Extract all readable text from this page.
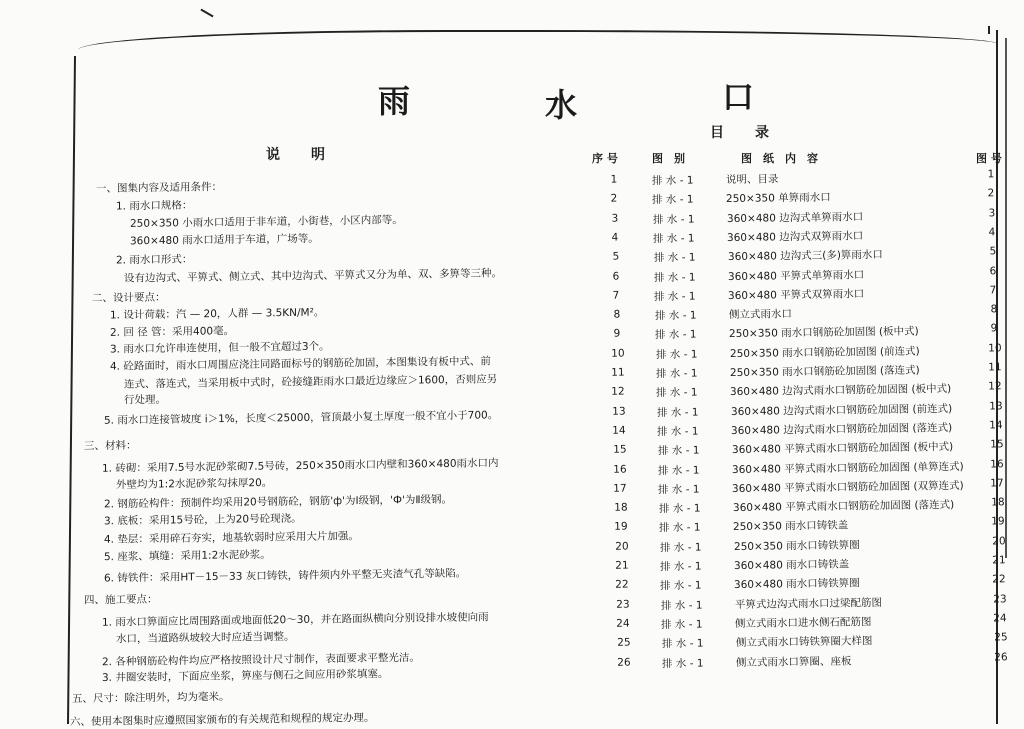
雨	水	口
说　　明
目　　录
一、图集内容及适用条件：
1. 雨水口规格：
250×350 小雨水口适用于非车道，小街巷，小区内部等。
360×480 雨水口适用于车道，广场等。
2. 雨水口形式：
设有边沟式、平箅式、侧立式、其中边沟式、平箅式又分为单、双、多箅等三种。
二、设计要点：
1. 设计荷载：汽 — 20，人群 — 3.5KN/M²。
2. 回 径 管：采用400毫。
3. 雨水口允许串连使用，但一般不宜超过3个。
4. 砼路面时，雨水口周围应浇注同路面标号的钢筋砼加固，本图集设有板中式、前
连式、落连式，当采用板中式时，砼接缝距雨水口最近边缘应＞1600，否则应另
行处理。
5. 雨水口连接管坡度 i＞1%，长度＜25000，管顶最小复土厚度一般不宜小于700。
三、材料：
1. 砖砌：采用7.5号水泥砂浆砌7.5号砖，250×350雨水口内壁和360×480雨水口内
外壁均为1:2水泥砂浆勾抹厚20。
2. 钢筋砼构件：预制件均采用20号钢筋砼，钢筋'ф'为Ⅰ级钢，'Ф'为Ⅱ级钢。
3. 底板：采用15号砼，上为20号砼现浇。
4. 垫层：采用碎石夯实，地基软弱时应采用大片加强。
5. 座浆、填缝：采用1:2水泥砂浆。
6. 铸铁件：采用HT－15－33 灰口铸铁，铸件须内外平整无夹渣气孔等缺陷。
四、施工要点：
1. 雨水口箅面应比周围路面或地面低20～30，并在路面纵横向分别设排水坡使向雨
水口，当道路纵坡较大时应适当调整。
2. 各种钢筋砼构件均应严格按照设计尺寸制作，表面要求平整光洁。
3. 井圈安装时，下面应坐浆，箅座与侧石之间应用砂浆填塞。
五、尺寸：除注明外，均为毫米。
六、使用本图集时应遵照国家颁布的有关规范和规程的规定办理。
序 号	图　别	图　纸　内　容	图 号
1	排 水 - 1	说明、目录	1
2	排 水 - 1	250×350 单箅雨水口	2
3	排 水 - 1	360×480 边沟式单箅雨水口	3
4	排 水 - 1	360×480 边沟式双箅雨水口	4
5	排 水 - 1	360×480 边沟式三(多)箅雨水口	5
6	排 水 - 1	360×480 平箅式单箅雨水口	6
7	排 水 - 1	360×480 平箅式双箅雨水口	7
8	排 水 - 1	侧立式雨水口	8
9	排 水 - 1	250×350 雨水口钢筋砼加固图 (板中式)	9
10	排 水 - 1	250×350 雨水口钢筋砼加固图 (前连式)	10
11	排 水 - 1	250×350 雨水口钢筋砼加固图 (落连式)	11
12	排 水 - 1	360×480 边沟式雨水口钢筋砼加固图 (板中式)	12
13	排 水 - 1	360×480 边沟式雨水口钢筋砼加固图 (前连式)	13
14	排 水 - 1	360×480 边沟式雨水口钢筋砼加固图 (落连式)	14
15	排 水 - 1	360×480 平箅式雨水口钢筋砼加固图 (板中式)	15
16	排 水 - 1	360×480 平箅式雨水口钢筋砼加固图 (单箅连式)	16
17	排 水 - 1	360×480 平箅式雨水口钢筋砼加固图 (双箅连式)	17
18	排 水 - 1	360×480 平箅式雨水口钢筋砼加固图 (落连式)	18
19	排 水 - 1	250×350 雨水口铸铁盖	19
20	排 水 - 1	250×350 雨水口铸铁箅圈	20
21	排 水 - 1	360×480 雨水口铸铁盖	21
22	排 水 - 1	360×480 雨水口铸铁箅圈	22
23	排 水 - 1	平箅式边沟式雨水口过梁配筋图	23
24	排 水 - 1	侧立式雨水口进水侧石配筋图	24
25	排 水 - 1	侧立式雨水口铸铁箅圈大样图	25
26	排 水 - 1	侧立式雨水口箅圈、座板	26
